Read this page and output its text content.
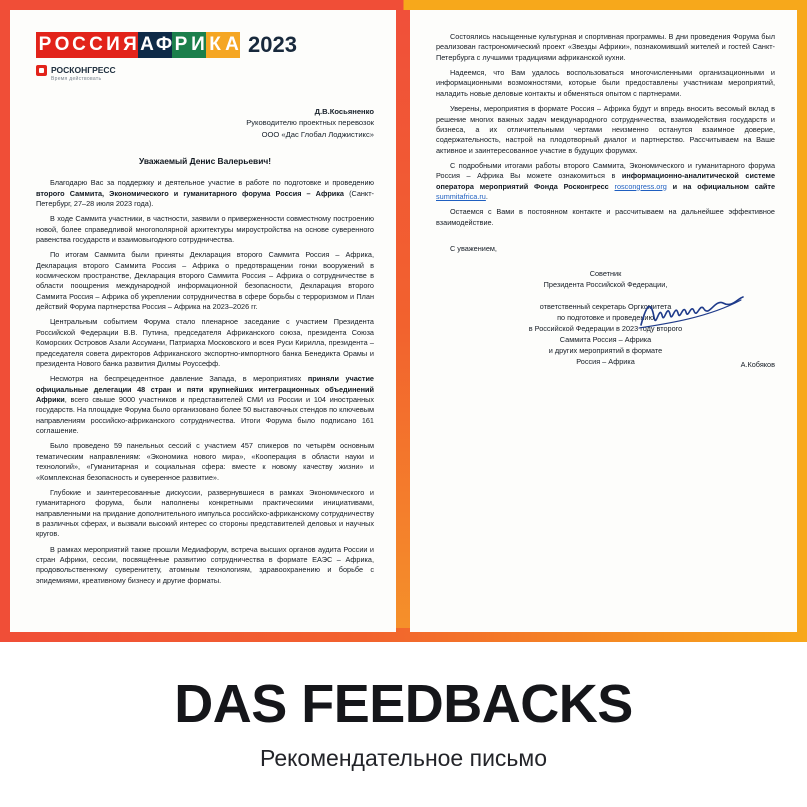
Р О С С И Я А Ф Р И К А 2023
РОСКОНГРЕСС
Время действовать
Д.В.Косьяненко
Руководителю проектных перевозок
ООО «Дас Глобал Лоджистикс»
Уважаемый Денис Валерьевич!

Благодарю Вас за поддержку и деятельное участие в работе по подготовке и проведению второго Саммита, Экономического и гуманитарного форума Россия – Африка (Санкт-Петербург, 27–28 июля 2023 года).

В ходе Саммита участники, в частности, заявили о приверженности совместному построению новой, более справедливой многополярной архитектуры мироустройства на основе суверенного равенства государств и взаимовыгодного сотрудничества.

По итогам Саммита были приняты Декларация второго Саммита Россия – Африка, Декларация второго Саммита Россия – Африка о предотвращении гонки вооружений в космическом пространстве, Декларация второго Саммита Россия – Африка о сотрудничестве в области поощрения международной информационной безопасности, Декларация второго Саммита Россия – Африка об укреплении сотрудничества в сфере борьбы с терроризмом и План действий Форума партнерства Россия – Африка на 2023–2026 гг.

Центральным событием Форума стало пленарное заседание с участием Президента Российской Федерации В.В. Путина, председателя Африканского союза, президента Союза Коморских Островов Азали Ассумани, Патриарха Московского и всея Руси Кирилла, президента – председателя совета директоров Африканского экспортно-импортного банка Бенедикта Орамы и президента Нового банка развития Дилмы Роуссефф.

Несмотря на беспрецедентное давление Запада, в мероприятиях приняли участие официальные делегации 48 стран и пяти крупнейших интеграционных объединений Африки, всего свыше 9000 участников и представителей СМИ из России и 104 иностранных государств. На площадке Форума было организовано более 50 выставочных стендов по ключевым направлениям российско-африканского сотрудничества. Итоги Форума было подписано 161 соглашение.

Было проведено 59 панельных сессий с участием 457 спикеров по четырём основным тематическим направлениям: «Экономика нового мира», «Кооперация в области науки и технологий», «Гуманитарная и социальная сфера: вместе к новому качеству жизни» и «Комплексная безопасность и суверенное развитие».

Глубокие и заинтересованные дискуссии, развернувшиеся в рамках Экономического и гуманитарного форума, были наполнены конкретными практическими инициативами, направленными на придание дополнительного импульса российско-африканскому сотрудничеству в различных сферах, и вызвали высокий интерес со стороны представителей деловых и научных кругов.

В рамках мероприятий также прошли Медиафорум, встреча высших органов аудита России и стран Африки, сессии, посвящённые развитию сотрудничества в формате ЕАЭС – Африка, продовольственному суверенитету, атомным технологиям, здравоохранению и борьбе с эпидемиями, креативному бизнесу и другие форматы.

Состоялись насыщенные культурная и спортивная программы. В дни проведения Форума был реализован гастрономический проект «Звезды Африки», познакомивший жителей и гостей Санкт-Петербурга с лучшими традициями африканской кухни.

Надеемся, что Вам удалось воспользоваться многочисленными организационными и информационными возможностями, которые были предоставлены участникам мероприятий, наладить новые деловые контакты и обменяться опытом с партнерами.

Уверены, мероприятия в формате Россия – Африка будут и впредь вносить весомый вклад в решение многих важных задач международного сотрудничества, взаимодействия государств и бизнеса, а их отличительными чертами неизменно останутся взаимное доверие, содержательность, настрой на плодотворный диалог и партнерство. Рассчитываем на Ваше активное и заинтересованное участие в будущих форумах.

С подробными итогами работы второго Саммита, Экономического и гуманитарного форума Россия – Африка Вы можете ознакомиться в информационно-аналитической системе оператора мероприятий Фонда Росконгресс roscongress.org и на официальном сайте summitafrica.ru.

Остаемся с Вами в постоянном контакте и рассчитываем на дальнейшее эффективное взаимодействие.

С уважением,
Советник
Президента Российской Федерации,

ответственный секретарь Оргкомитета
по подготовке и проведению
в Российской Федерации в 2023 году второго
Саммита Россия – Африка
и других мероприятий в формате
Россия – Африка	А.Кобяков
DAS FEEDBACKS
Рекомендательное письмо
